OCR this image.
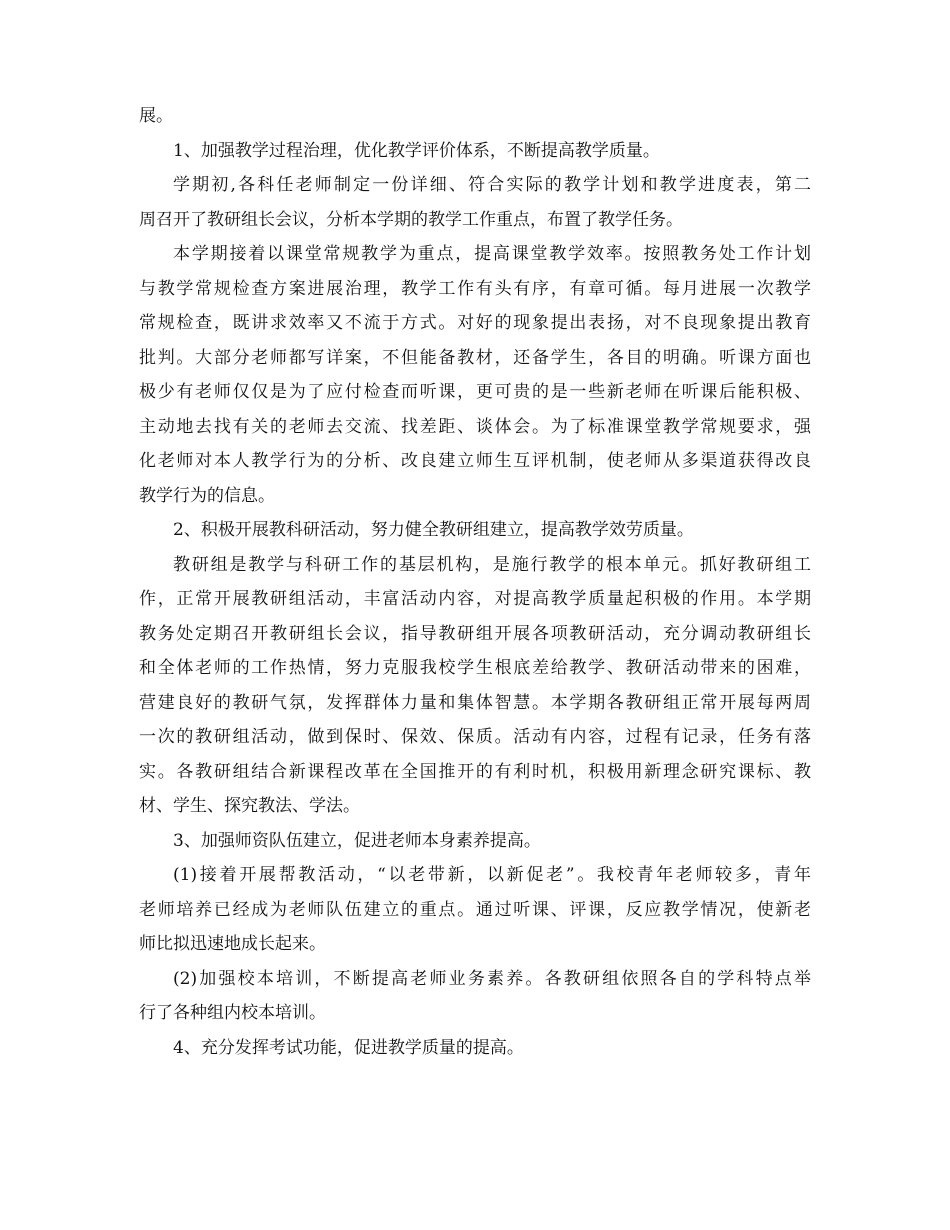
展。
1、加强教学过程治理，优化教学评价体系，不断提高教学质量。
学期初,各科任老师制定一份详细、符合实际的教学计划和教学进度表，第二
周召开了教研组长会议，分析本学期的教学工作重点，布置了教学任务。
本学期接着以课堂常规教学为重点，提高课堂教学效率。按照教务处工作计划
与教学常规检查方案进展治理，教学工作有头有序，有章可循。每月进展一次教学
常规检查，既讲求效率又不流于方式。对好的现象提出表扬，对不良现象提出教育
批判。大部分老师都写详案，不但能备教材，还备学生，各目的明确。听课方面也
极少有老师仅仅是为了应付检查而听课，更可贵的是一些新老师在听课后能积极、
主动地去找有关的老师去交流、找差距、谈体会。为了标准课堂教学常规要求，强
化老师对本人教学行为的分析、改良建立师生互评机制，使老师从多渠道获得改良
教学行为的信息。
2、积极开展教科研活动，努力健全教研组建立，提高教学效劳质量。
教研组是教学与科研工作的基层机构，是施行教学的根本单元。抓好教研组工
作，正常开展教研组活动，丰富活动内容，对提高教学质量起积极的作用。本学期
教务处定期召开教研组长会议，指导教研组开展各项教研活动，充分调动教研组长
和全体老师的工作热情，努力克服我校学生根底差给教学、教研活动带来的困难，
营建良好的教研气氛，发挥群体力量和集体智慧。本学期各教研组正常开展每两周
一次的教研组活动，做到保时、保效、保质。活动有内容，过程有记录，任务有落
实。各教研组结合新课程改革在全国推开的有利时机，积极用新理念研究课标、教
材、学生、探究教法、学法。
3、加强师资队伍建立，促进老师本身素养提高。
(1)接着开展帮教活动，“以老带新，以新促老”。我校青年老师较多，青年
老师培养已经成为老师队伍建立的重点。通过听课、评课，反应教学情况，使新老
师比拟迅速地成长起来。
(2)加强校本培训，不断提高老师业务素养。各教研组依照各自的学科特点举
行了各种组内校本培训。
4、充分发挥考试功能，促进教学质量的提高。
